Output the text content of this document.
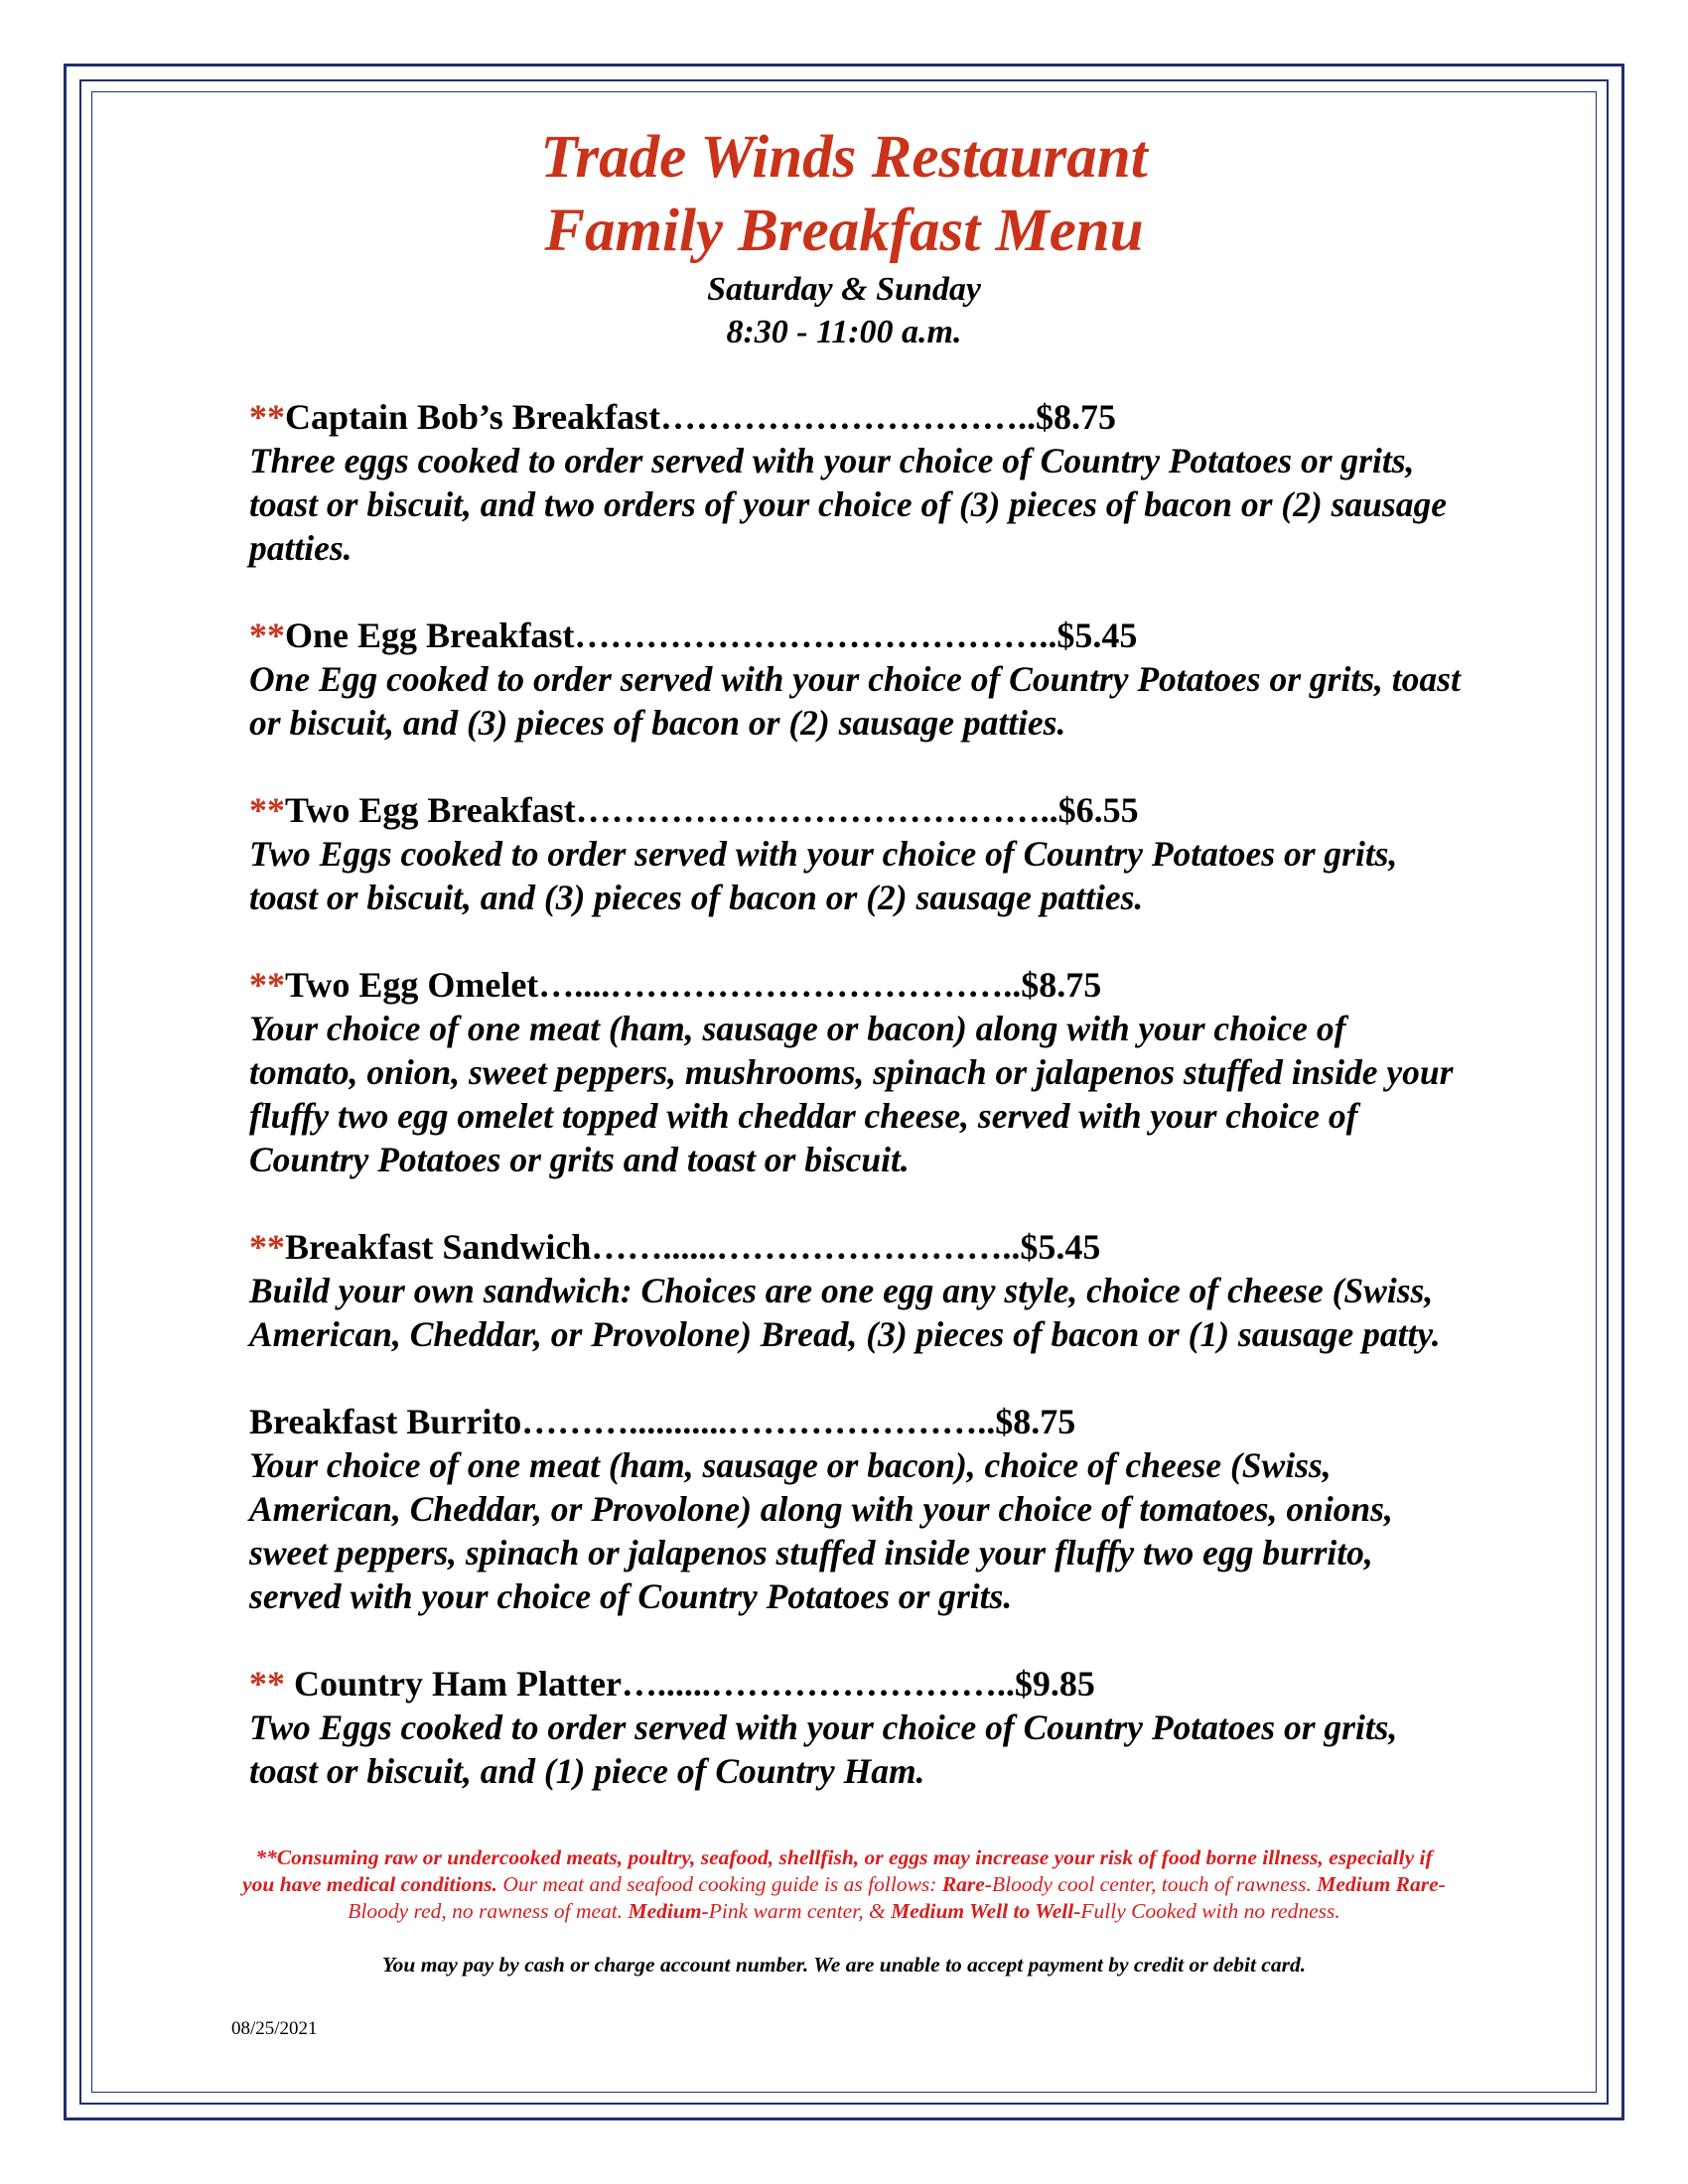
Trade Winds Restaurant
Family Breakfast Menu
Saturday & Sunday
8:30 - 11:00 a.m.
**Captain Bob’s Breakfast…………………………..$8.75
Three eggs cooked to order served with your choice of Country Potatoes or grits, toast or biscuit, and two orders of your choice of (3) pieces of bacon or (2) sausage patties.
**One Egg Breakfast…………………………………..$5.45
One Egg cooked to order served with your choice of Country Potatoes or grits, toast or biscuit, and (3) pieces of bacon or (2) sausage patties.
**Two Egg Breakfast…………………………………..$6.55
Two Eggs cooked to order served with your choice of Country Potatoes or grits, toast or biscuit, and (3) pieces of bacon or (2) sausage patties.
**Two Egg Omelet…....……………………………..$8.75
Your choice of one meat (ham, sausage or bacon) along with your choice of tomato, onion, sweet peppers, mushrooms, spinach or jalapenos stuffed inside your fluffy two egg omelet topped with cheddar cheese, served with your choice of Country Potatoes or grits and toast or biscuit.
**Breakfast Sandwich……......……………………..$5.45
Build your own sandwich: Choices are one egg any style, choice of cheese (Swiss, American, Cheddar, or Provolone) Bread, (3) pieces of bacon or (1) sausage patty.
Breakfast Burrito………...........…………………..$8.75
Your choice of one meat (ham, sausage or bacon), choice of cheese (Swiss, American, Cheddar, or Provolone) along with your choice of tomatoes, onions, sweet peppers, spinach or jalapenos stuffed inside your fluffy two egg burrito, served with your choice of Country Potatoes or grits.
** Country Ham Platter…......……………………..$9.85
Two Eggs cooked to order served with your choice of Country Potatoes or grits, toast or biscuit, and (1) piece of Country Ham.
**Consuming raw or undercooked meats, poultry, seafood, shellfish, or eggs may increase your risk of food borne illness, especially if you have medical conditions. Our meat and seafood cooking guide is as follows: Rare-Bloody cool center, touch of rawness. Medium Rare-Bloody red, no rawness of meat. Medium-Pink warm center, & Medium Well to Well-Fully Cooked with no redness.
You may pay by cash or charge account number. We are unable to accept payment by credit or debit card.
08/25/2021
